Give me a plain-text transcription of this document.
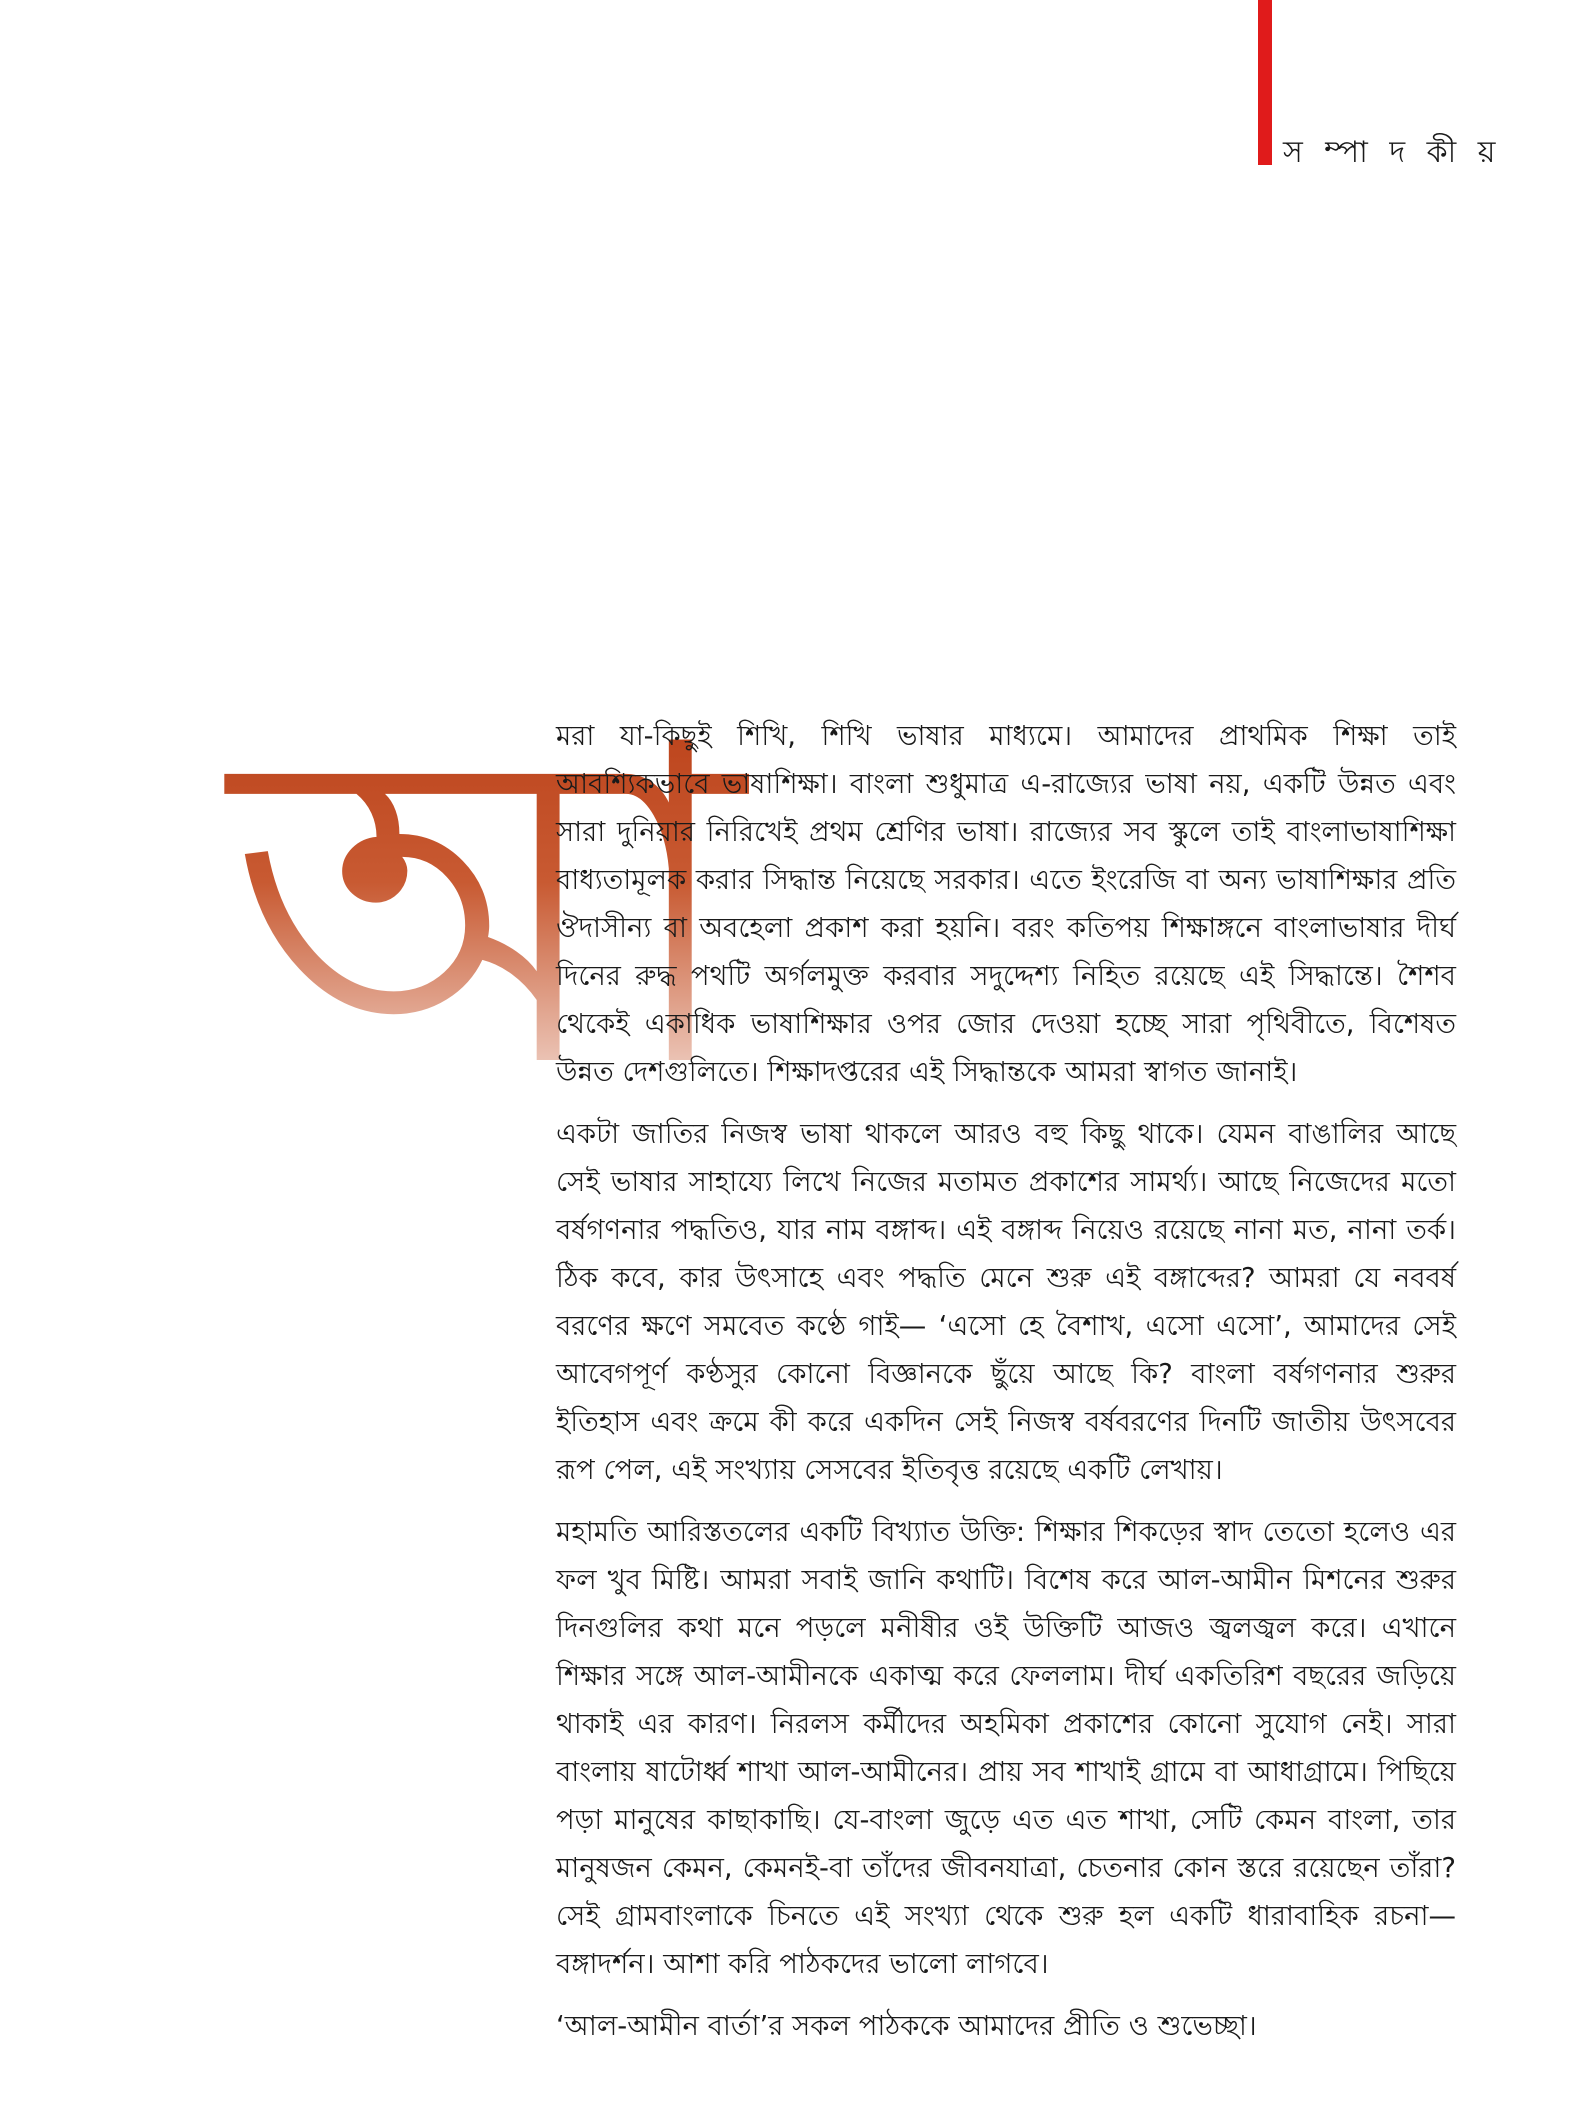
স ম্পা দ কী য়
আ

মরা যা-কিছুই শিখি, শিখি ভাষার মাধ্যমে। আমাদের প্রাথমিক শিক্ষা তাই আবশ্যিকভাবে ভাষাশিক্ষা। বাংলা শুধুমাত্র এ-রাজ্যের ভাষা নয়, একটি উন্নত এবং সারা দুনিয়ার নিরিখেই প্রথম শ্রেণির ভাষা। রাজ্যের সব স্কুলে তাই বাংলাভাষাশিক্ষা বাধ্যতামূলক করার সিদ্ধান্ত নিয়েছে সরকার। এতে ইংরেজি বা অন্য ভাষাশিক্ষার প্রতি ঔদাসীন্য বা অবহেলা প্রকাশ করা হয়নি। বরং কতিপয় শিক্ষাঙ্গনে বাংলাভাষার দীর্ঘ দিনের রুদ্ধ পথটি অর্গলমুক্ত করবার সদুদ্দেশ্য নিহিত রয়েছে এই সিদ্ধান্তে। শৈশব থেকেই একাধিক ভাষাশিক্ষার ওপর জোর দেওয়া হচ্ছে সারা পৃথিবীতে, বিশেষত উন্নত দেশগুলিতে। শিক্ষাদপ্তরের এই সিদ্ধান্তকে আমরা স্বাগত জানাই।

একটা জাতির নিজস্ব ভাষা থাকলে আরও বহু কিছু থাকে। যেমন বাঙালির আছে সেই ভাষার সাহায্যে লিখে নিজের মতামত প্রকাশের সামর্থ্য। আছে নিজেদের মতো বর্ষগণনার পদ্ধতিও, যার নাম বঙ্গাব্দ। এই বঙ্গাব্দ নিয়েও রয়েছে নানা মত, নানা তর্ক। ঠিক কবে, কার উৎসাহে এবং পদ্ধতি মেনে শুরু এই বঙ্গাব্দের? আমরা যে নববর্ষ বরণের ক্ষণে সমবেত কণ্ঠে গাই— ‘এসো হে বৈশাখ, এসো এসো’, আমাদের সেই আবেগপূর্ণ কণ্ঠসুর কোনো বিজ্ঞানকে ছুঁয়ে আছে কি? বাংলা বর্ষগণনার শুরুর ইতিহাস এবং ক্রমে কী করে একদিন সেই নিজস্ব বর্ষবরণের দিনটি জাতীয় উৎসবের রূপ পেল, এই সংখ্যায় সেসবের ইতিবৃত্ত রয়েছে একটি লেখায়।

মহামতি আরিস্ততলের একটি বিখ্যাত উক্তি: শিক্ষার শিকড়ের স্বাদ তেতো হলেও এর ফল খুব মিষ্টি। আমরা সবাই জানি কথাটি। বিশেষ করে আল-আমীন মিশনের শুরুর দিনগুলির কথা মনে পড়লে মনীষীর ওই উক্তিটি আজও জ্বলজ্বল করে। এখানে শিক্ষার সঙ্গে আল-আমীনকে একাত্ম করে ফেললাম। দীর্ঘ একতিরিশ বছরের জড়িয়ে থাকাই এর কারণ। নিরলস কর্মীদের অহমিকা প্রকাশের কোনো সুযোগ নেই। সারা বাংলায় ষাটোর্ধ্ব শাখা আল-আমীনের। প্রায় সব শাখাই গ্রামে বা আধাগ্রামে। পিছিয়ে পড়া মানুষের কাছাকাছি। যে-বাংলা জুড়ে এত এত শাখা, সেটি কেমন বাংলা, তার মানুষজন কেমন, কেমনই-বা তাঁদের জীবনযাত্রা, চেতনার কোন স্তরে রয়েছেন তাঁরা? সেই গ্রামবাংলাকে চিনতে এই সংখ্যা থেকে শুরু হল একটি ধারাবাহিক রচনা— বঙ্গাদর্শন। আশা করি পাঠকদের ভালো লাগবে।

‘আল-আমীন বার্তা’র সকল পাঠককে আমাদের প্রীতি ও শুভেচ্ছা।
